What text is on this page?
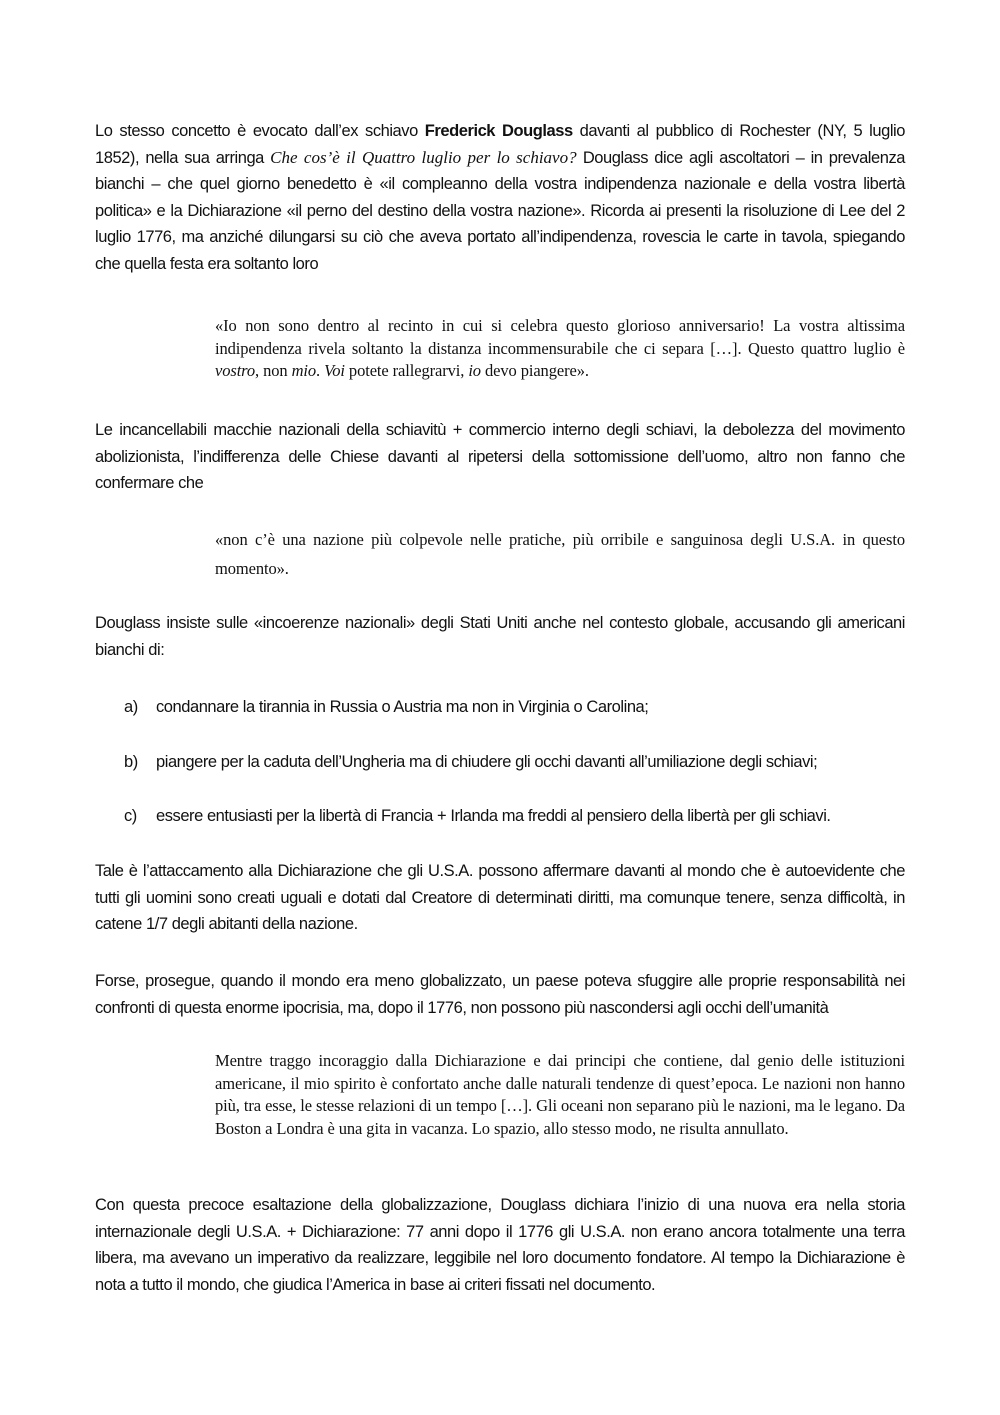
Lo stesso concetto è evocato dall’ex schiavo Frederick Douglass davanti al pubblico di Rochester (NY, 5 luglio 1852), nella sua arringa Che cos’è il Quattro luglio per lo schiavo? Douglass dice agli ascoltatori – in prevalenza bianchi – che quel giorno benedetto è «il compleanno della vostra indipendenza nazionale e della vostra libertà politica» e la Dichiarazione «il perno del destino della vostra nazione». Ricorda ai presenti la risoluzione di Lee del 2 luglio 1776, ma anziché dilungarsi su ciò che aveva portato all’indipendenza, rovescia le carte in tavola, spiegando che quella festa era soltanto loro

«Io non sono dentro al recinto in cui si celebra questo glorioso anniversario! La vostra altissima indipendenza rivela soltanto la distanza incommensurabile che ci separa […]. Questo quattro luglio è vostro, non mio. Voi potete rallegrarvi, io devo piangere».

Le incancellabili macchie nazionali della schiavitù + commercio interno degli schiavi, la debolezza del movimento abolizionista, l’indifferenza delle Chiese davanti al ripetersi della sottomissione dell’uomo, altro non fanno che confermare che

«non c’è una nazione più colpevole nelle pratiche, più orribile e sanguinosa degli U.S.A. in questo momento».

Douglass insiste sulle «incoerenze nazionali» degli Stati Uniti anche nel contesto globale, accusando gli americani bianchi di:

a) condannare la tirannia in Russia o Austria ma non in Virginia o Carolina;

b) piangere per la caduta dell’Ungheria ma di chiudere gli occhi davanti all’umiliazione degli schiavi;

c) essere entusiasti per la libertà di Francia + Irlanda ma freddi al pensiero della libertà per gli schiavi.

Tale è l’attaccamento alla Dichiarazione che gli U.S.A. possono affermare davanti al mondo che è autoevidente che tutti gli uomini sono creati uguali e dotati dal Creatore di determinati diritti, ma comunque tenere, senza difficoltà, in catene 1/7 degli abitanti della nazione.

Forse, prosegue, quando il mondo era meno globalizzato, un paese poteva sfuggire alle proprie responsabilità nei confronti di questa enorme ipocrisia, ma, dopo il 1776, non possono più nascondersi agli occhi dell’umanità

Mentre traggo incoraggio dalla Dichiarazione e dai principi che contiene, dal genio delle istituzioni americane, il mio spirito è confortato anche dalle naturali tendenze di quest’epoca. Le nazioni non hanno più, tra esse, le stesse relazioni di un tempo […]. Gli oceani non separano più le nazioni, ma le legano. Da Boston a Londra è una gita in vacanza. Lo spazio, allo stesso modo, ne risulta annullato.

Con questa precoce esaltazione della globalizzazione, Douglass dichiara l’inizio di una nuova era nella storia internazionale degli U.S.A. + Dichiarazione: 77 anni dopo il 1776 gli U.S.A. non erano ancora totalmente una terra libera, ma avevano un imperativo da realizzare, leggibile nel loro documento fondatore. Al tempo la Dichiarazione è nota a tutto il mondo, che giudica l’America in base ai criteri fissati nel documento.
